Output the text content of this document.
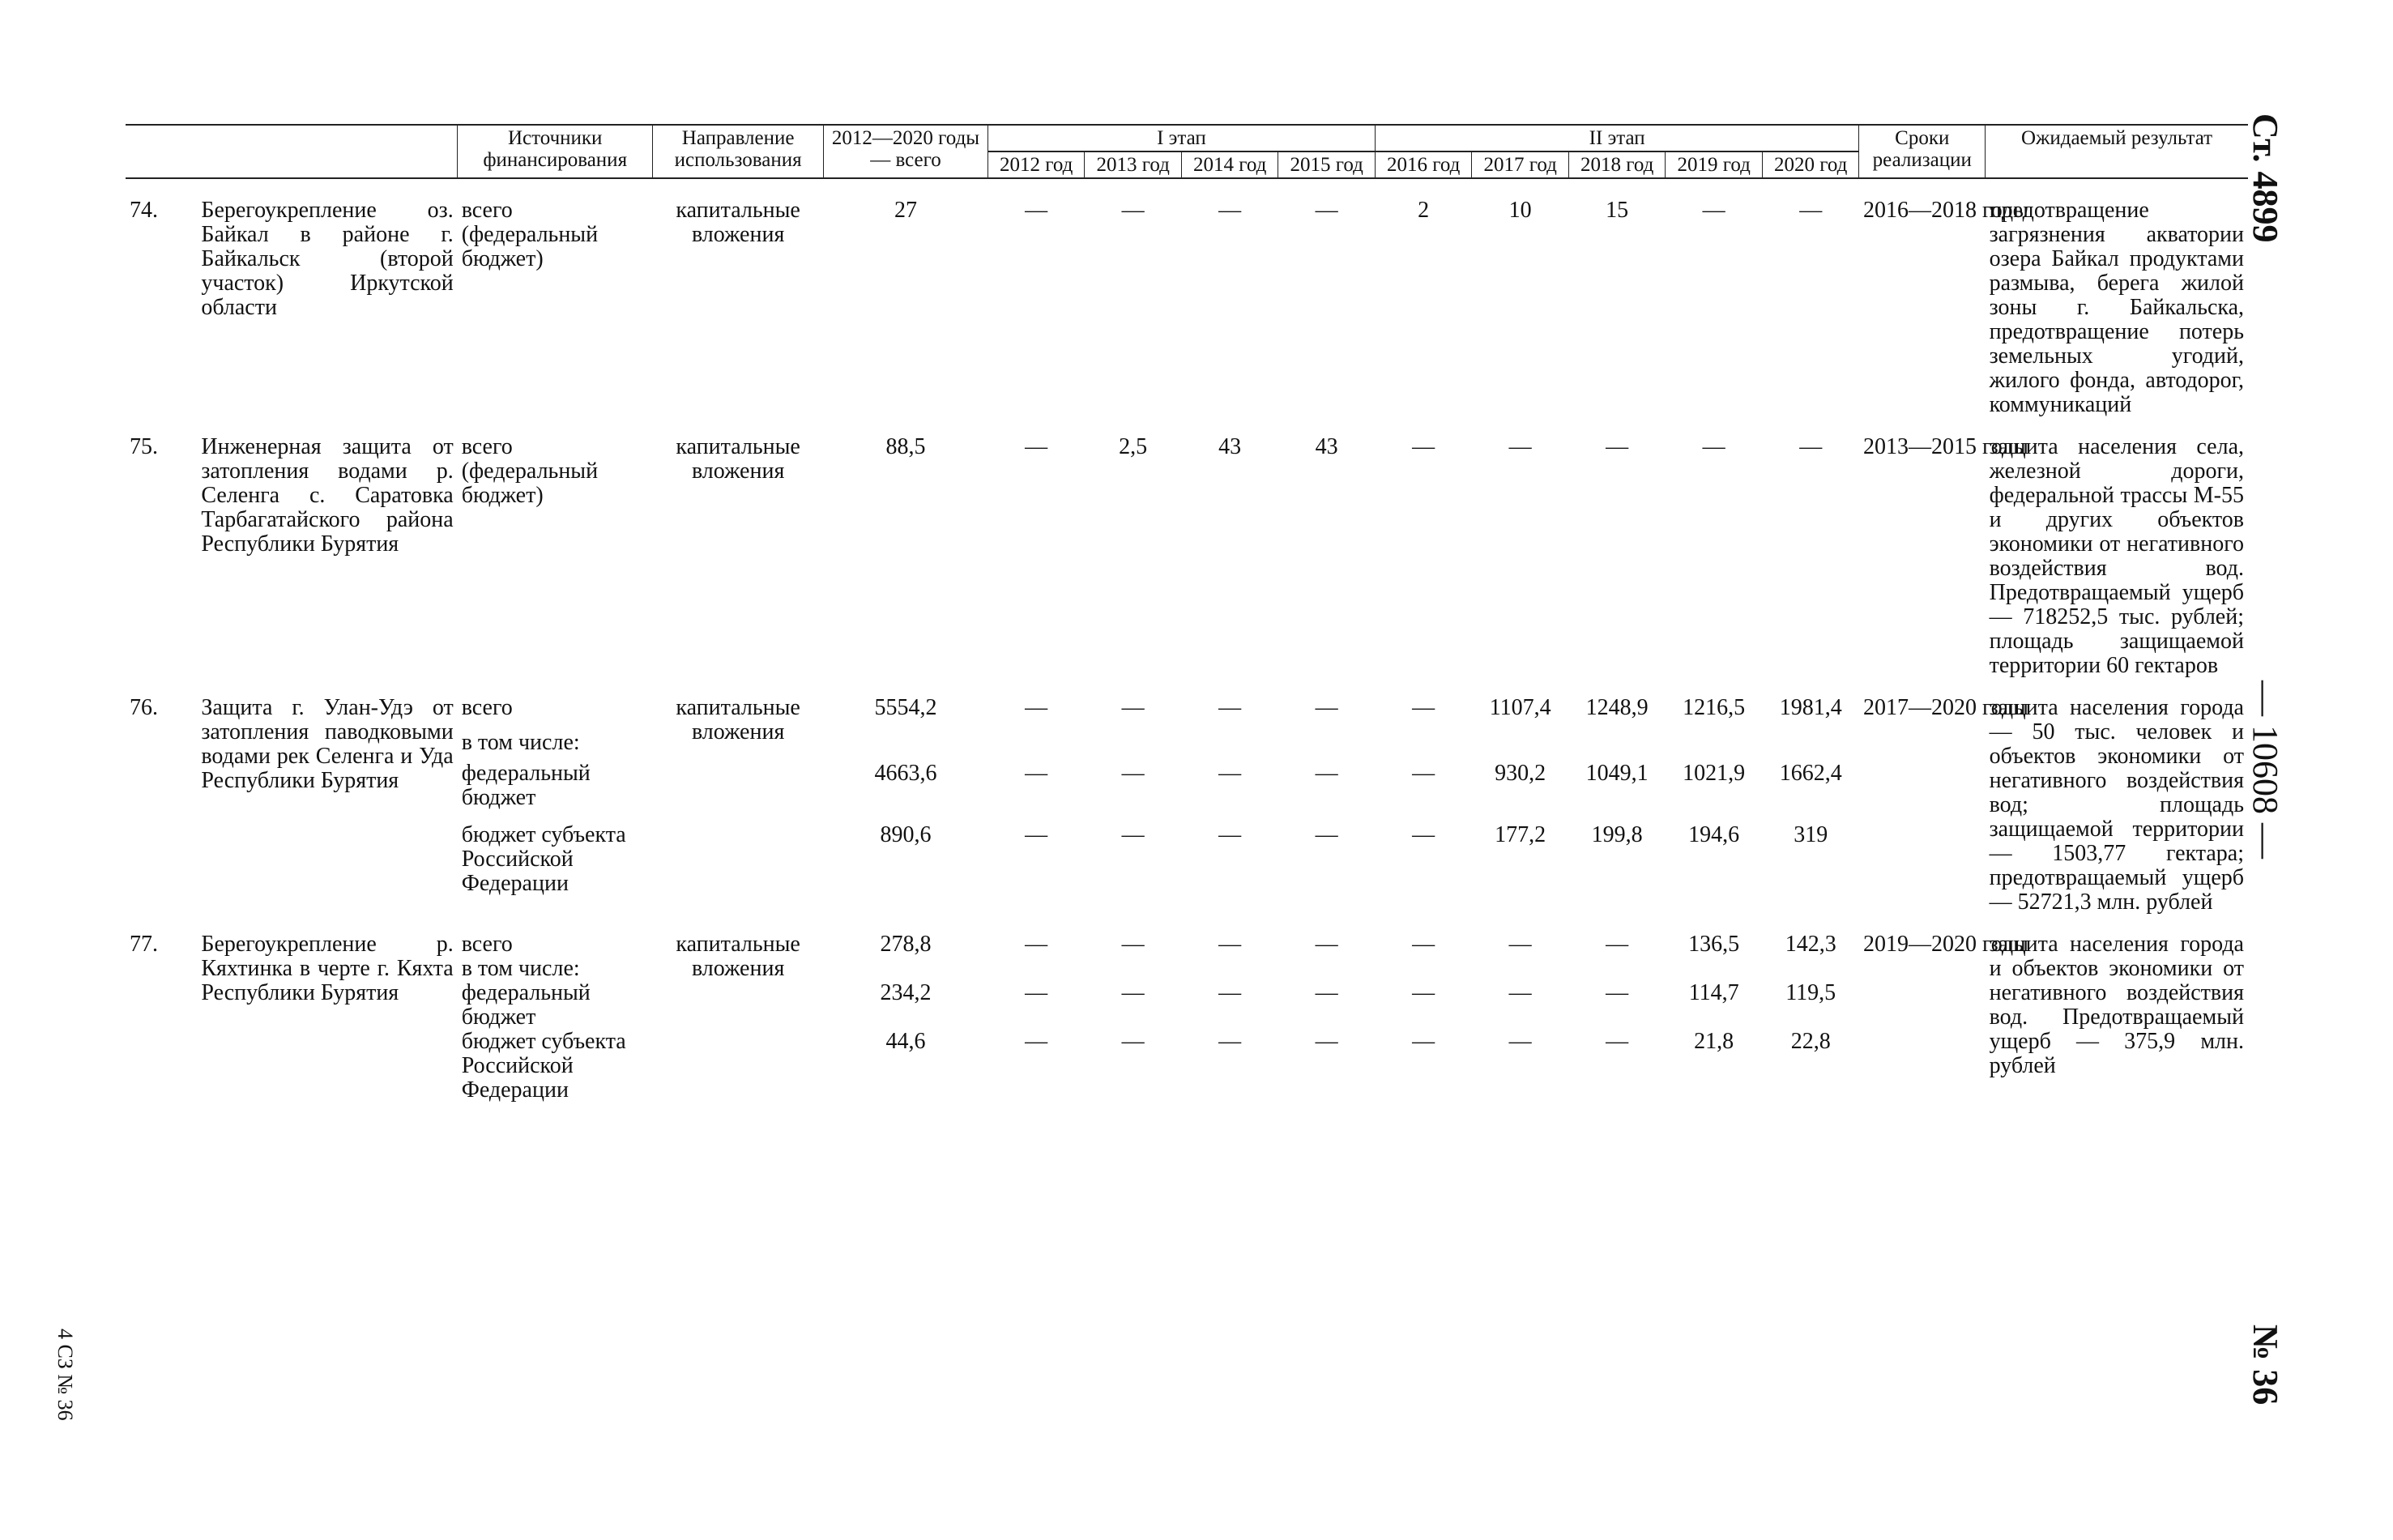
		Источники финансирования	Направление использования	2012—2020 годы — всего	I этап				II этап					Сроки реализации	Ожидаемый результат
					2012 год	2013 год	2014 год	2015 год	2016 год	2017 год	2018 год	2019 год	2020 год		
74.	Берегоукрепление оз. Байкал в районе г. Байкальск (второй участок) Иркутской области	всего (федеральный бюджет)	капитальные вложения	27	—	—	—	—	2	10	15	—	—	2016—2018 годы	предотвращение загрязнения акватории озера Байкал продуктами размыва, берега жилой зоны г. Байкальска, предотвращение потерь земельных угодий, жилого фонда, автодорог, коммуникаций
75.	Инженерная защита от затопления водами р. Селенга с. Саратовка Тарбагатайского района Республики Бурятия	всего (федеральный бюджет)	капитальные вложения	88,5	—	2,5	43	43	—	—	—	—	—	2013—2015 годы	защита населения села, железной дороги, федеральной трассы М-55 и других объектов экономики от негативного воздействия вод. Предотвращаемый ущерб — 718252,5 тыс. рублей; площадь защищаемой территории 60 гектаров
76.	Защита г. Улан-Удэ от затопления паводковыми водами рек Селенга и Уда Республики Бурятия	всего	капитальные вложения	5554,2	—	—	—	—	—	1107,4	1248,9	1216,5	1981,4	2017—2020 годы	защита населения города — 50 тыс. человек и объектов экономики от негативного воздействия вод; площадь защищаемой территории — 1503,77 гектара; предотвращаемый ущерб — 52721,3 млн. рублей
		в том числе:													
		федеральный бюджет		4663,6	—	—	—	—	—	930,2	1049,1	1021,9	1662,4		
		бюджет субъекта Российской Федерации		890,6	—	—	—	—	—	177,2	199,8	194,6	319		
77.	Берегоукрепление р. Кяхтинка в черте г. Кяхта Республики Бурятия	всего	капитальные вложения	278,8	—	—	—	—	—	—	—	136,5	142,3	2019—2020 годы	защита населения города и объектов экономики от негативного воздействия вод. Предотвращаемый ущерб — 375,9 млн. рублей
		в том числе:													
		федеральный бюджет		234,2	—	—	—	—	—	—	—	114,7	119,5		
		бюджет субъекта Российской Федерации		44,6	—	—	—	—	—	—	—	21,8	22,8		
Ст. 4899
— 10608 —
№ 36
4 СЗ № 36
